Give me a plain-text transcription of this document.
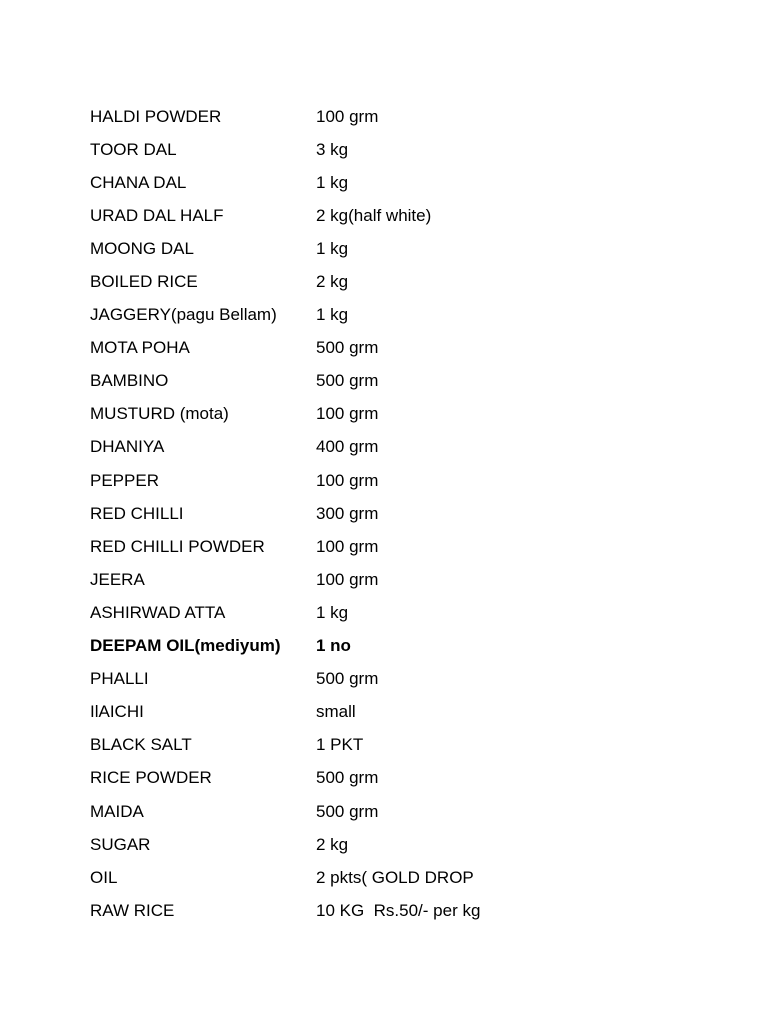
HALDI POWDER	100 grm
TOOR DAL	3 kg
CHANA DAL	1 kg
URAD DAL HALF	2 kg(half white)
MOONG DAL	1 kg
BOILED RICE	2 kg
JAGGERY(pagu Bellam)	1 kg
MOTA POHA	500 grm
BAMBINO	500 grm
MUSTURD (mota)	100 grm
DHANIYA	400 grm
PEPPER	100 grm
RED CHILLI	300 grm
RED CHILLI POWDER	100 grm
JEERA	100 grm
ASHIRWAD ATTA	1 kg
DEEPAM OIL(mediyum)	1 no
PHALLI	500 grm
IlAICHI	small
BLACK SALT	1 PKT
RICE POWDER	500 grm
MAIDA	500 grm
SUGAR	2 kg
OIL	2 pkts( GOLD DROP
RAW RICE	10 KG  Rs.50/- per kg
